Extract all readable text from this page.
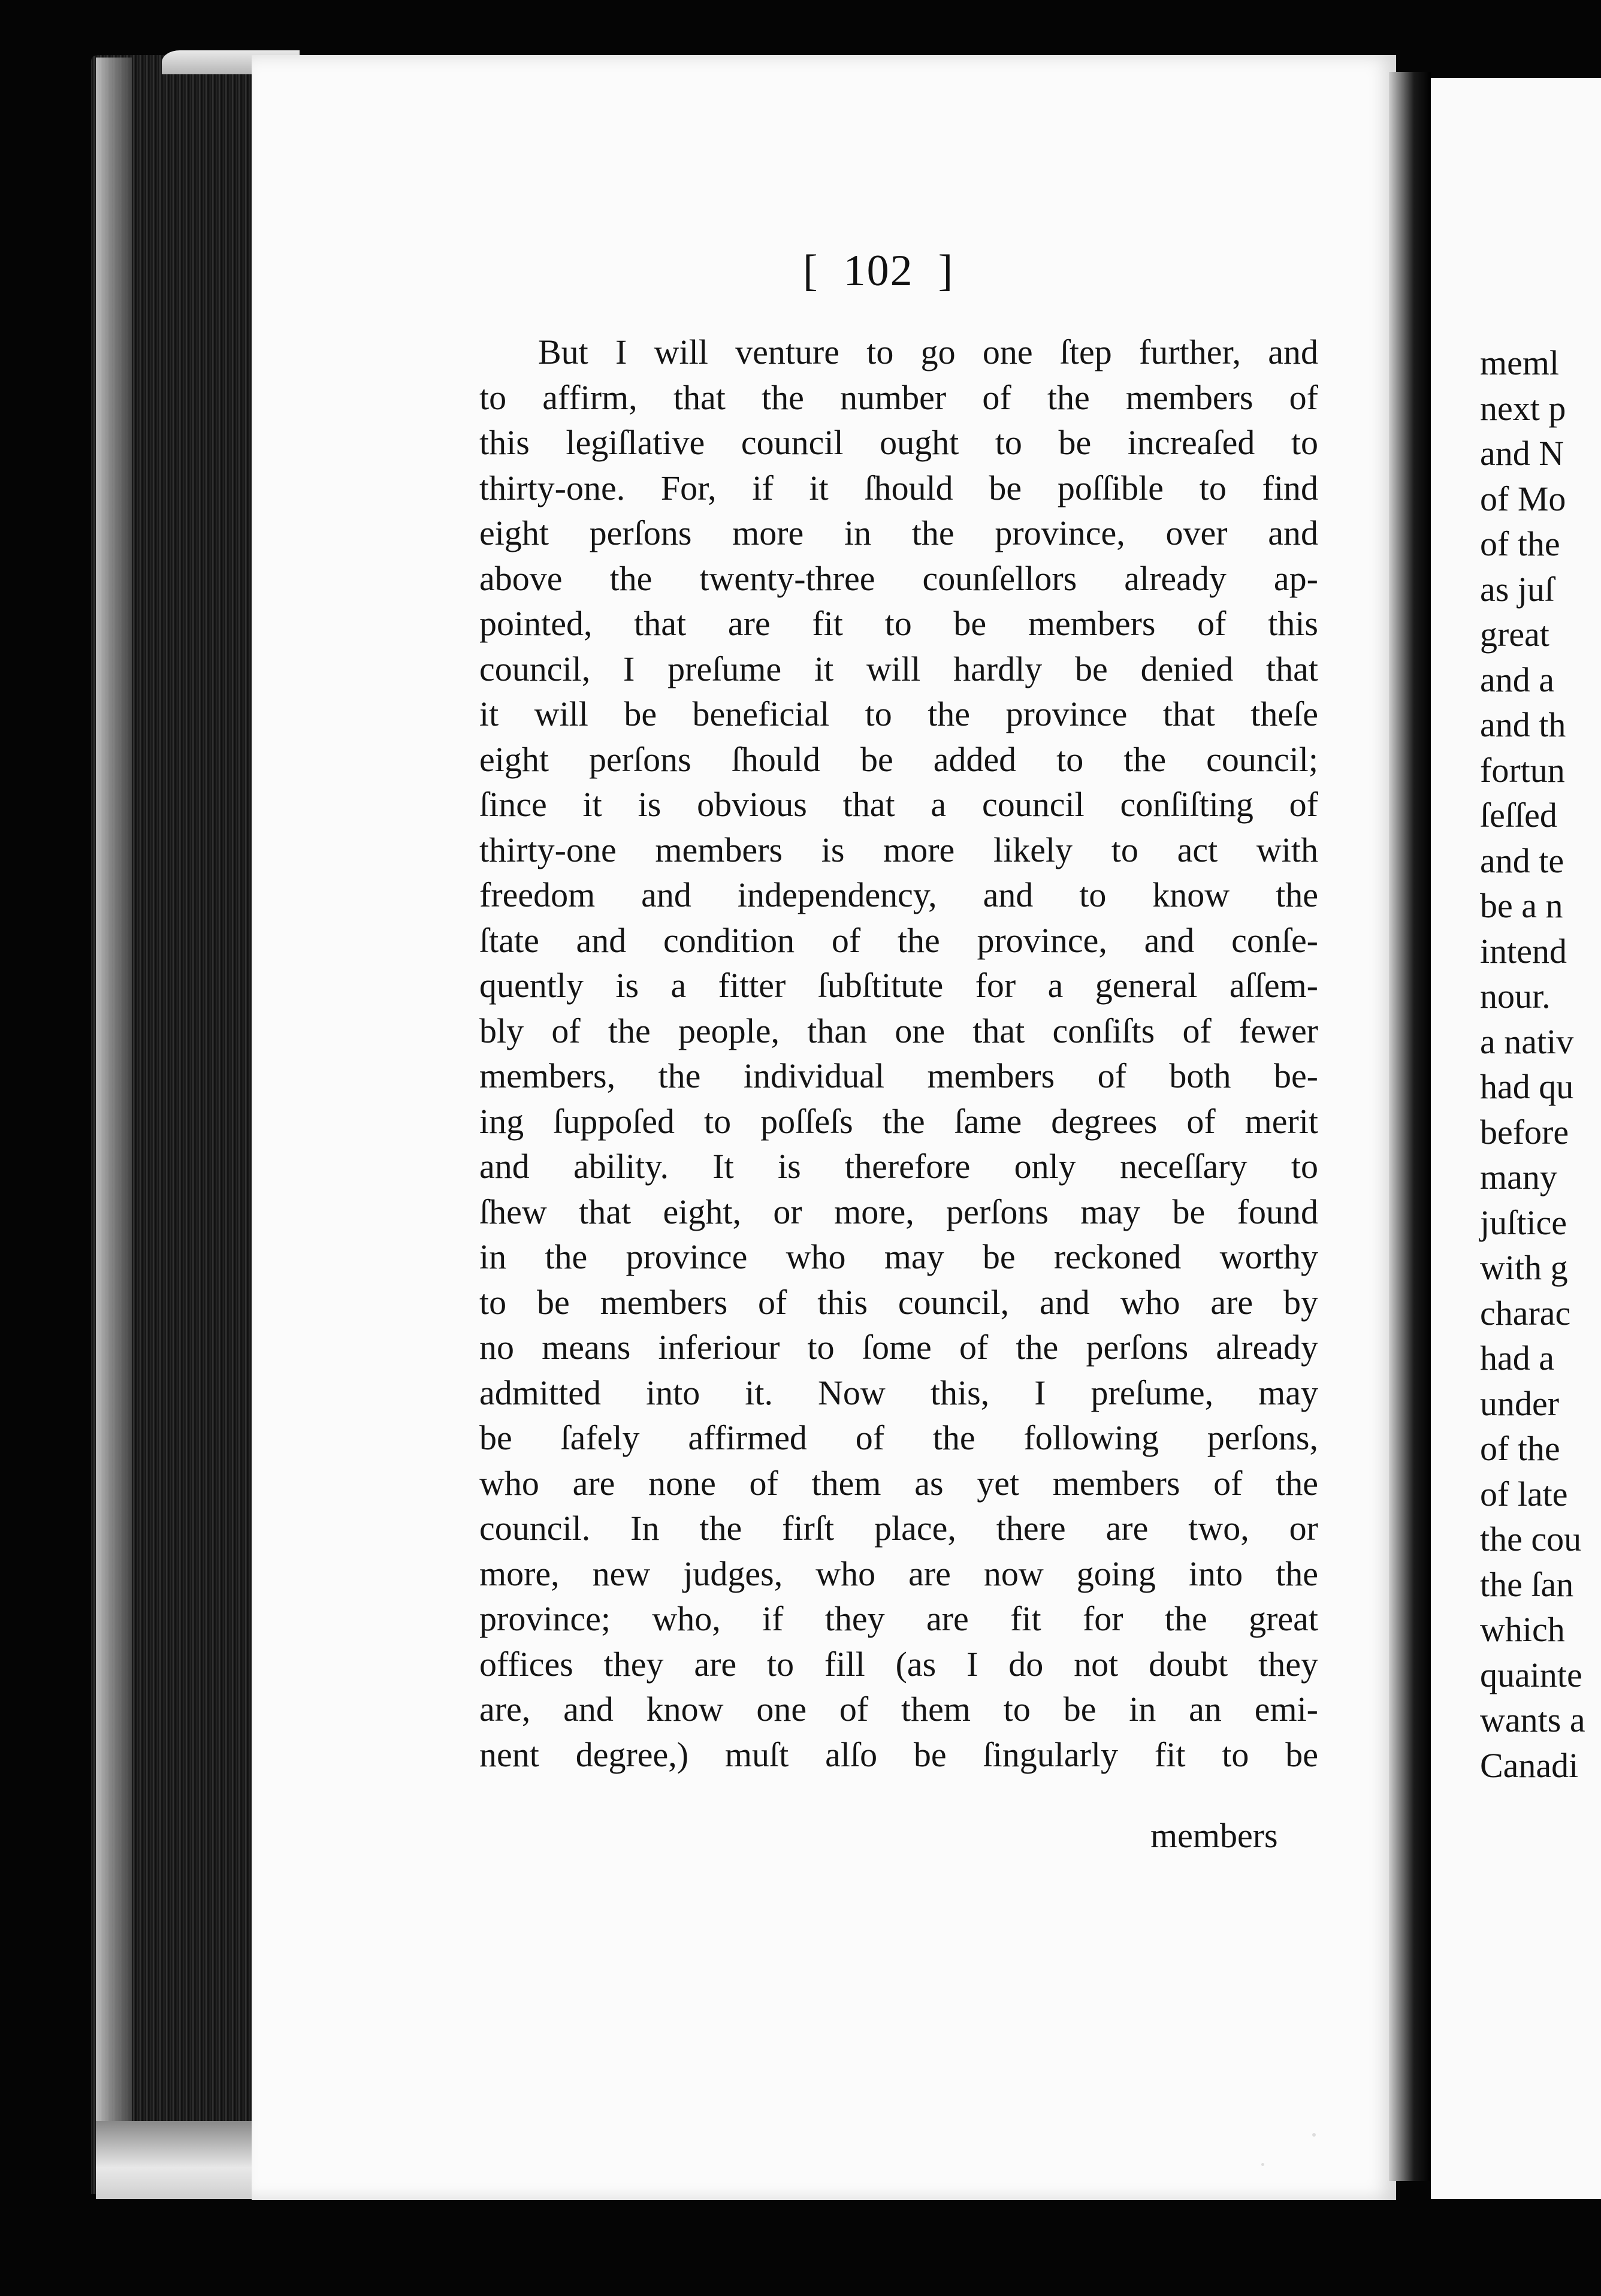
[  102  ]
But I will venture to go one ſtep further, and
to affirm, that the number of the members of
this legiſlative council ought to be increaſed to
thirty-one. For, if it ſhould be poſſible to find
eight perſons more in the province, over and
above the twenty-three counſellors already ap-
pointed, that are fit to be members of this
council, I preſume it will hardly be denied that
it will be beneficial to the province that theſe
eight perſons ſhould be added to the council;
ſince it is obvious that a council conſiſting of
thirty-one members is more likely to act with
freedom and independency, and to know the
ſtate and condition of the province, and conſe-
quently is a fitter ſubſtitute for a general aſſem-
bly of the people, than one that conſiſts of fewer
members, the individual members of both be-
ing ſuppoſed to poſſeſs the ſame degrees of merit
and ability. It is therefore only neceſſary to
ſhew that eight, or more, perſons may be found
in the province who may be reckoned worthy
to be members of this council, and who are by
no means inferiour to ſome of the perſons already
admitted into it. Now this, I preſume, may
be ſafely affirmed of the following perſons,
who are none of them as yet members of the
council. In the firſt place, there are two, or
more, new judges, who are now going into the
province; who, if they are fit for the great
offices they are to fill (as I do not doubt they
are, and know one of them to be in an emi-
nent degree,) muſt alſo be ſingularly fit to be
members
meml
next p
and N
of Mo
of the
as juſ
great
and a
and th
fortun
ſeſſed
and te
be a n
intend
nour.
a nativ
had qu
before
many
juſtice
with g
charac
had a
under
of the
of late
the cou
the ſan
which
quainte
wants a
Canadi
